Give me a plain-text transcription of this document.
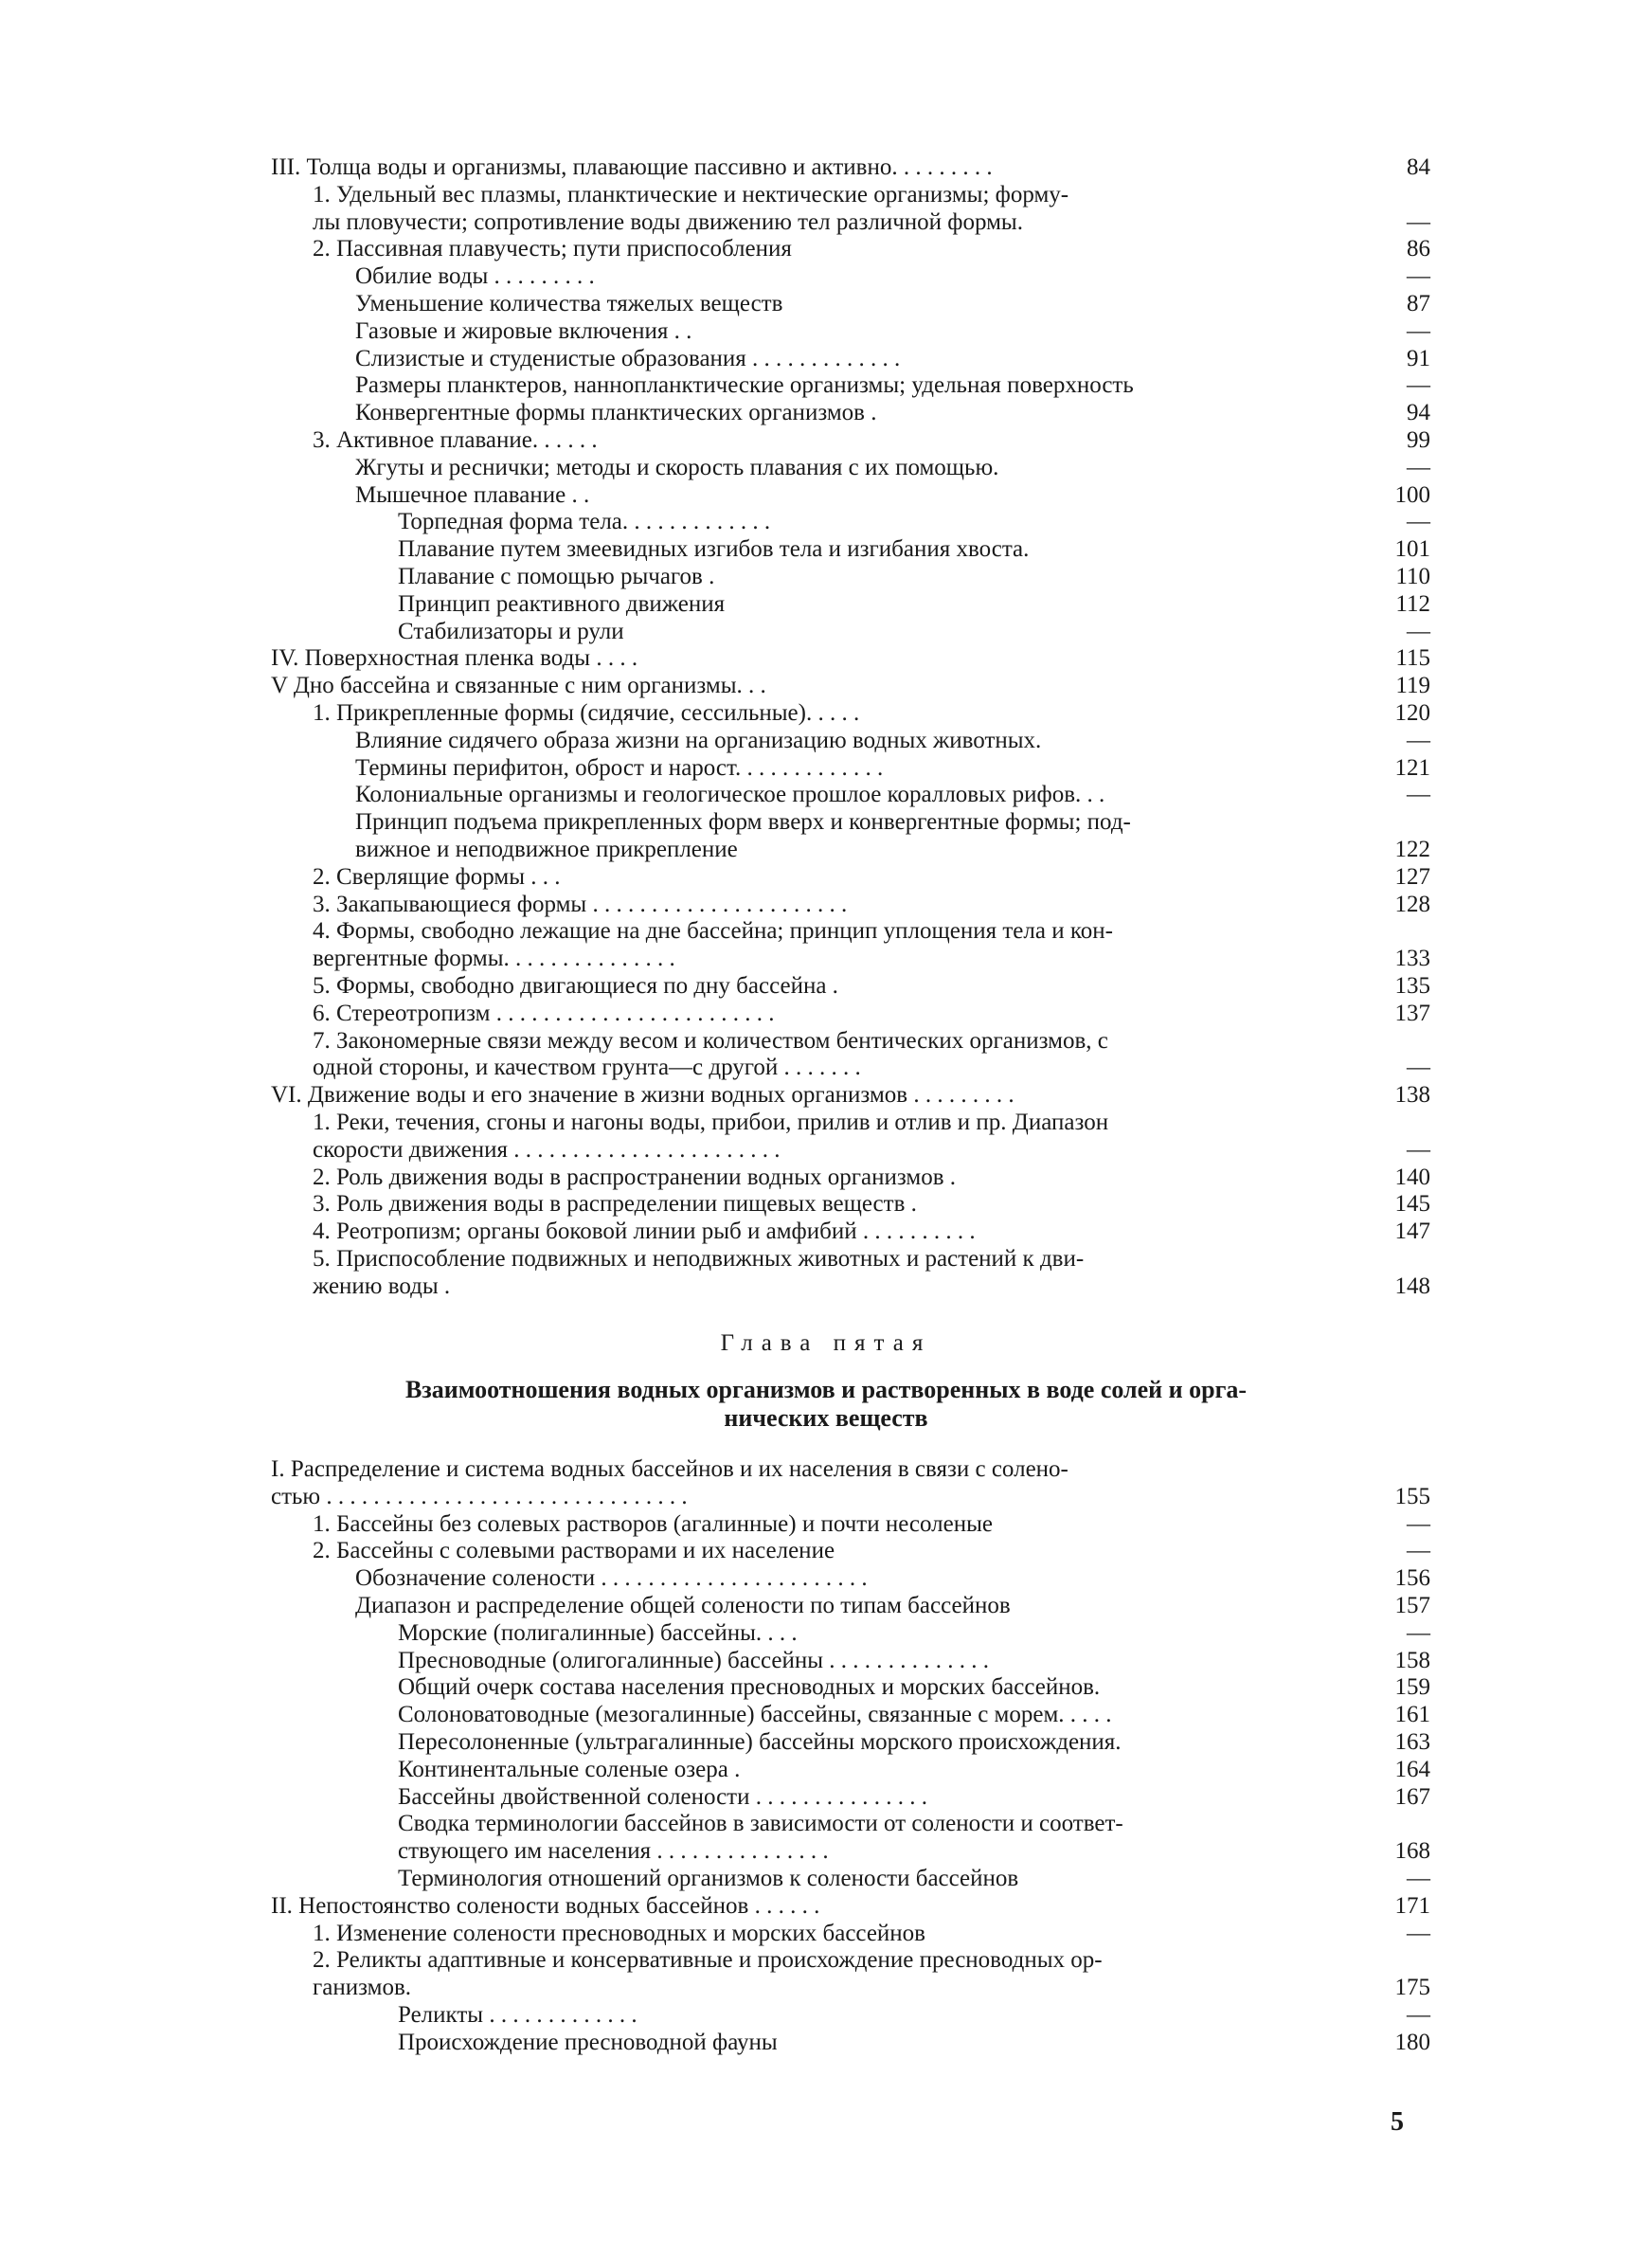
III. Толща воды и организмы, плавающие пассивно и активно. . . . . . . . .	84
1. Удельный вес плазмы, планктические и нектические организмы; форму-
лы пловучести; сопротивление воды движению тел различной формы.	—
2. Пассивная плавучесть; пути приспособления	86
Обилие воды . . . . . . . . .	—
Уменьшение количества тяжелых веществ	87
Газовые и жировые включения . .	—
Слизистые и студенистые образования . . . . . . . . . . . . .	91
Размеры планктеров, наннопланктические организмы; удельная поверхность	—
Конвергентные формы планктических организмов .	94
3. Активное плавание. . . . . .	99
Жгуты и реснички; методы и скорость плавания с их помощью.	—
Мышечное плавание . .	100
Торпедная форма тела. . . . . . . . . . . . .	—
Плавание путем змеевидных изгибов тела и изгибания хвоста.	101
Плавание с помощью рычагов .	110
Принцип реактивного движения	112
Стабилизаторы и рули	—
IV. Поверхностная пленка воды . . . .	115
V Дно бассейна и связанные с ним организмы. . .	119
1. Прикрепленные формы (сидячие, сессильные). . . . .	120
Влияние сидячего образа жизни на организацию водных животных.	—
Термины перифитон, оброст и нарост. . . . . . . . . . . . .	121
Колониальные организмы и геологическое прошлое коралловых рифов. . .	—
Принцип подъема прикрепленных форм вверх и конвергентные формы; под-
вижное и неподвижное прикрепление	122
2. Сверлящие формы . . .	127
3. Закапывающиеся формы . . . . . . . . . . . . . . . . . . . . . .	128
4. Формы, свободно лежащие на дне бассейна; принцип уплощения тела и кон-
вергентные формы. . . . . . . . . . . . . . .	133
5. Формы, свободно двигающиеся по дну бассейна .	135
6. Стереотропизм . . . . . . . . . . . . . . . . . . . . . . . .	137
7. Закономерные связи между весом и количеством бентических организмов, с
одной стороны, и качеством грунта—с другой . . . . . . .	—
VI. Движение воды и его значение в жизни водных организмов . . . . . . . . .	138
1. Реки, течения, сгоны и нагоны воды, прибои, прилив и отлив и пр. Диапазон
скорости движения . . . . . . . . . . . . . . . . . . . . . . .	—
2. Роль движения воды в распространении водных организмов .	140
3. Роль движения воды в распределении пищевых веществ .	145
4. Реотропизм; органы боковой линии рыб и амфибий . . . . . . . . . .	147
5. Приспособление подвижных и неподвижных животных и растений к дви-
жению воды .	148
Глава пятая
Взаимоотношения водных организмов и растворенных в воде солей и орга-
нических веществ
I. Распределение и система водных бассейнов и их населения в связи с солено-
стью . . . . . . . . . . . . . . . . . . . . . . . . . . . . . . .	155
1. Бассейны без солевых растворов (агалинные) и почти несоленые	—
2. Бассейны с солевыми растворами и их население	—
Обозначение солености . . . . . . . . . . . . . . . . . . . . . . .	156
Диапазон и распределение общей солености по типам бассейнов	157
Морские (полигалинные) бассейны. . . .	—
Пресноводные (олигогалинные) бассейны . . . . . . . . . . . . . .	158
Общий очерк состава населения пресноводных и морских бассейнов.	159
Солоноватоводные (мезогалинные) бассейны, связанные с морем. . . . .	161
Пересолоненные (ультрагалинные) бассейны морского происхождения.	163
Континентальные соленые озера .	164
Бассейны двойственной солености . . . . . . . . . . . . . . .	167
Сводка терминологии бассейнов в зависимости от солености и соответ-
ствующего им населения . . . . . . . . . . . . . . .	168
Терминология отношений организмов к солености бассейнов	—
II. Непостоянство солености водных бассейнов . . . . . .	171
1. Изменение солености пресноводных и морских бассейнов	—
2. Реликты адаптивные и консервативные и происхождение пресноводных ор-
ганизмов.	175
Реликты . . . . . . . . . . . . .	—
Происхождение пресноводной фауны	180
5
